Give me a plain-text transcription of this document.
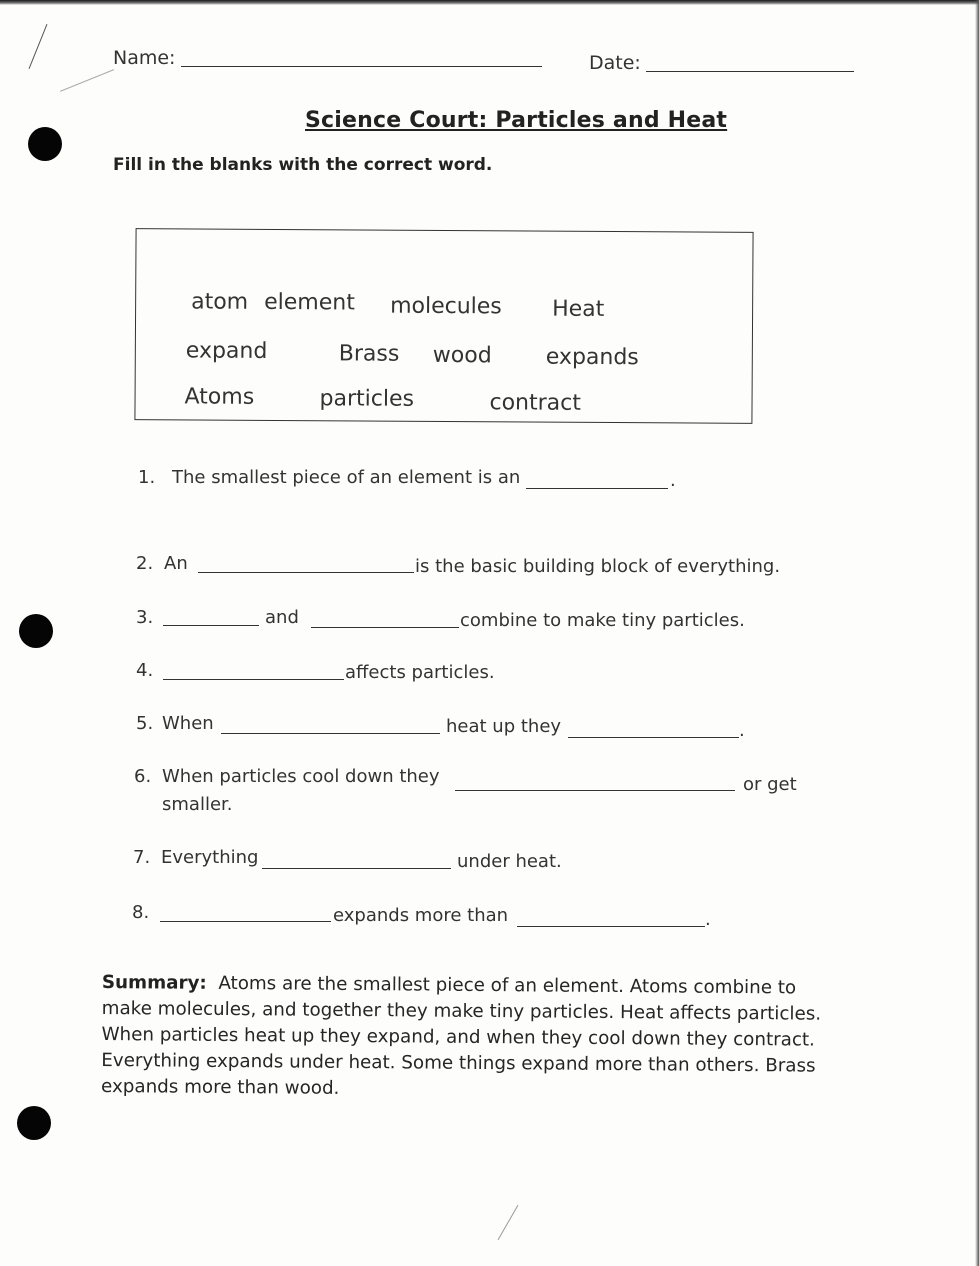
Name:	Date:
Science Court: Particles and Heat
Fill in the blanks with the correct word.
atom element molecules Heat
expand	Brass wood expands
Atoms	particles	contract
1. The smallest piece of an element is an	.
2. An	is the basic building block of everything.
3.	and	combine to make tiny particles.
4.	affects particles.
5. When	heat up they	.
6. When particles cool down they	or get
smaller.
7. Everything	under heat.
8.	expands more than	.
Summary: Atoms are the smallest piece of an element. Atoms combine to make molecules, and together they make tiny particles. Heat affects particles. When particles heat up they expand, and when they cool down they contract. Everything expands under heat. Some things expand more than others. Brass expands more than wood.
